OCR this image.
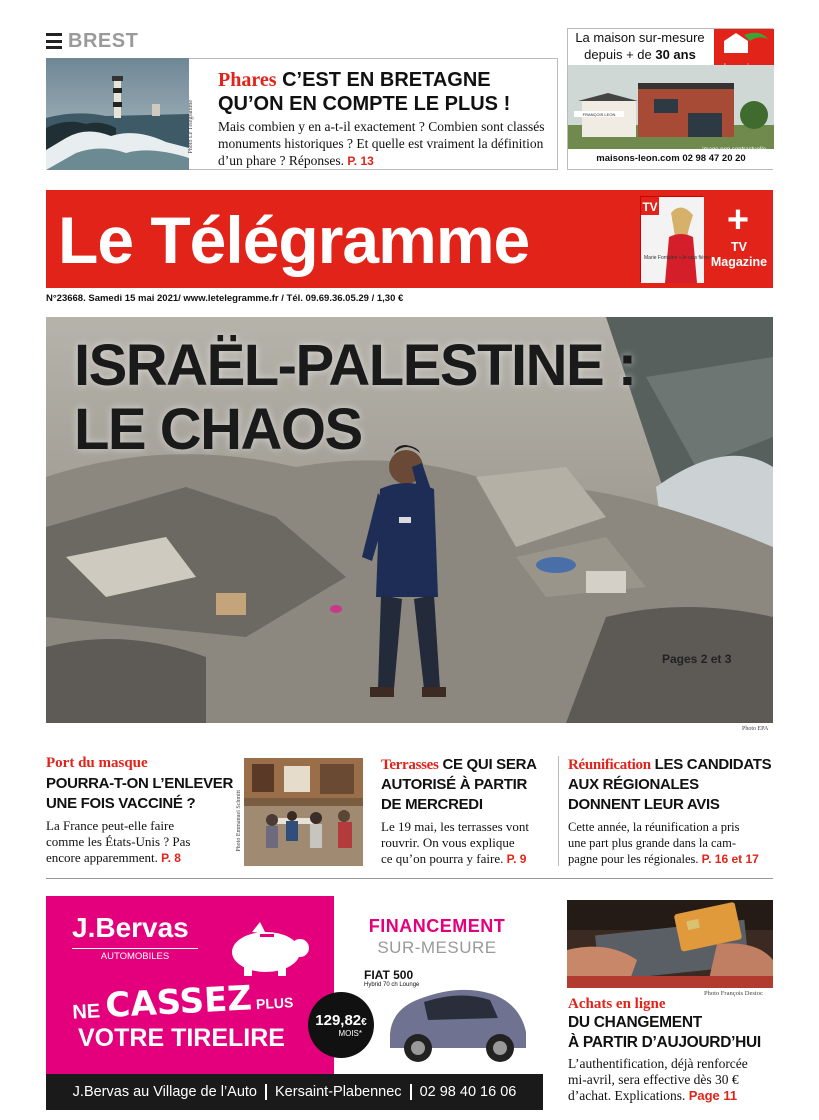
BREST
Photo Le Télégramme
Phares C’EST EN BRETAGNE
QU’ON EN COMPTE LE PLUS !
Mais combien y en a-t-il exactement ? Combien sont classés monuments historiques ? Et quelle est vraiment la définition d’un phare ? Réponses. P. 13
La maison sur-mesure
depuis + de 30 ans
FRANÇOIS LEON
maisons-leon.com 02 98 47 20 20
Le Télégramme	TV
Marie Fontaine «Je suis fière»
+
TV
Magazine
N°23668. Samedi 15 mai 2021/ www.letelegramme.fr / Tél. 09.69.36.05.29 / 1,30 €
ISRAËL-PALESTINE :
LE CHAOS
Pages 2 et 3
Photo EPA
Port du masque
POURRA-T-ON L’ENLEVER
UNE FOIS VACCINÉ ?
La France peut-elle faire
comme les États-Unis ? Pas
encore apparemment. P. 8
Photo Emmanuel Schmitt
Terrasses CE QUI SERA
AUTORISÉ À PARTIR
DE MERCREDI
Le 19 mai, les terrasses vont
rouvrir. On vous explique
ce qu’on pourra y faire. P. 9
Réunification LES CANDIDATS
AUX RÉGIONALES
DONNENT LEUR AVIS
Cette année, la réunification a pris
une part plus grande dans la cam-
pagne pour les régionales. P. 16 et 17
J.Bervas
AUTOMOBILES
NE CASSEZ PLUS
VOTRE TIRELIRE
FINANCEMENT
SUR-MESURE
FIAT 500
Hybrid 70 ch Lounge
129,82€
MOIS*
J.Bervas au Village de l’Auto Kersaint-Plabennec 02 98 40 16 06
Photo François Destoc
Achats en ligne
DU CHANGEMENT
À PARTIR D’AUJOURD’HUI
L’authentification, déjà renforcée
mi-avril, sera effective dès 30 €
d’achat. Explications. Page 11
